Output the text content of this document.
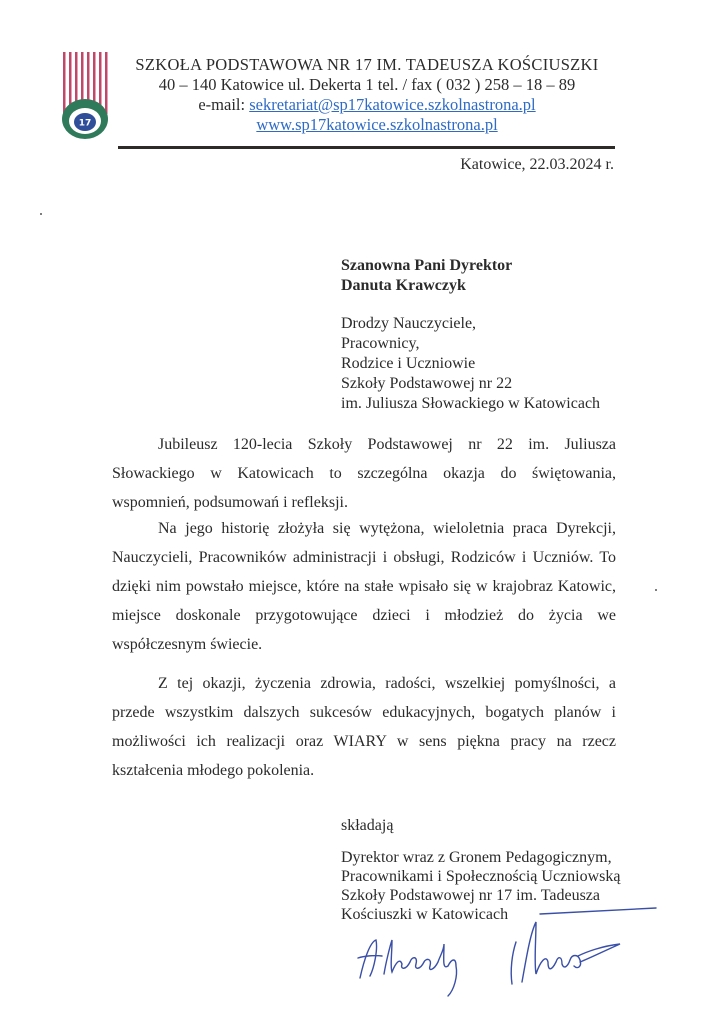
17
SZKOŁA PODSTAWOWA NR 17 IM. TADEUSZA KOŚCIUSZKI
40 – 140 Katowice ul. Dekerta 1 tel. / fax ( 032 ) 258 – 18 – 89
e-mail: sekretariat@sp17katowice.szkolnastrona.pl
www.sp17katowice.szkolnastrona.pl
Katowice, 22.03.2024 r.
Szanowna Pani Dyrektor
Danuta Krawczyk
Drodzy Nauczyciele,
Pracownicy,
Rodzice i Uczniowie
Szkoły Podstawowej nr 22
im. Juliusza Słowackiego w Katowicach

Jubileusz 120-lecia Szkoły Podstawowej nr 22 im. Juliusza Słowackiego w Katowicach to szczególna okazja do świętowania, wspomnień, podsumowań i refleksji.

Na jego historię złożyła się wytężona, wieloletnia praca Dyrekcji, Nauczycieli, Pracowników administracji i obsługi, Rodziców i Uczniów. To dzięki nim powstało miejsce, które na stałe wpisało się w krajobraz Katowic, miejsce doskonale przygotowujące dzieci i młodzież do życia we współczesnym świecie.

Z tej okazji, życzenia zdrowia, radości, wszelkiej pomyślności, a przede wszystkim dalszych sukcesów edukacyjnych, bogatych planów i możliwości ich realizacji oraz WIARY w sens piękna pracy na rzecz kształcenia młodego pokolenia.

składają
Dyrektor wraz z Gronem Pedagogicznym,
Pracownikami i Społecznością Uczniowską
Szkoły Podstawowej nr 17 im. Tadeusza
Kościuszki w Katowicach
